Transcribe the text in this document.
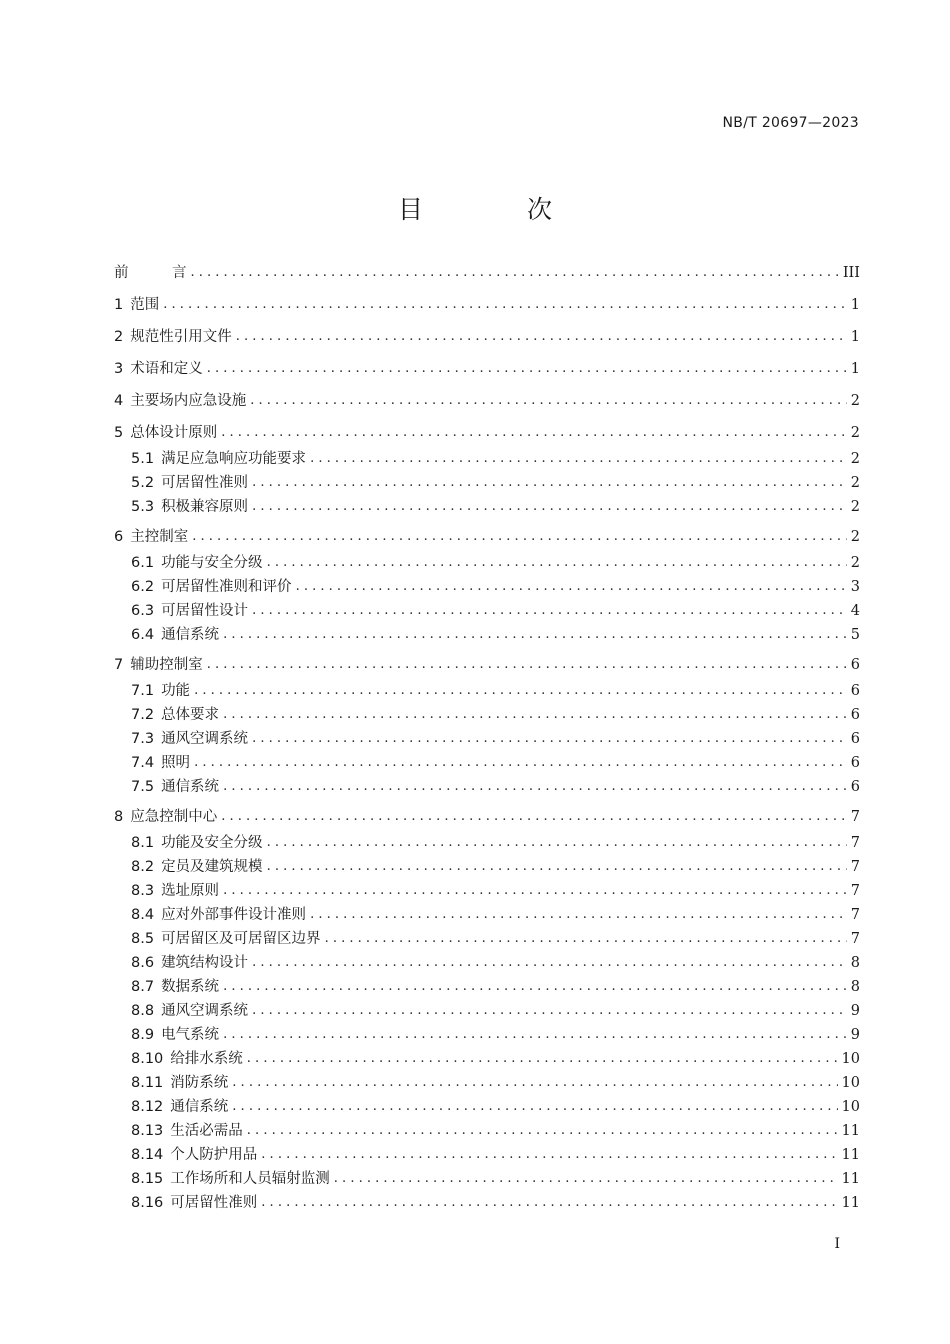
NB/T 20697—2023
目 次
前　　　言 . . .	III
1 范围 . . .	1
2 规范性引用文件 . . .	1
3 术语和定义 . . .	1
4 主要场内应急设施 . . .	2
5 总体设计原则 . . .	2
5.1 满足应急响应功能要求 . . .	2
5.2 可居留性准则 . . .	2
5.3 积极兼容原则 . . .	2
6 主控制室 . . .	2
6.1 功能与安全分级 . . .	2
6.2 可居留性准则和评价 . . .	3
6.3 可居留性设计 . . .	4
6.4 通信系统 . . .	5
7 辅助控制室 . . .	6
7.1 功能 . . .	6
7.2 总体要求 . . .	6
7.3 通风空调系统 . . .	6
7.4 照明 . . .	6
7.5 通信系统 . . .	6
8 应急控制中心 . . .	7
8.1 功能及安全分级 . . .	7
8.2 定员及建筑规模 . . .	7
8.3 选址原则 . . .	7
8.4 应对外部事件设计准则 . . .	7
8.5 可居留区及可居留区边界 . . .	7
8.6 建筑结构设计 . . .	8
8.7 数据系统 . . .	8
8.8 通风空调系统 . . .	9
8.9 电气系统 . . .	9
8.10 给排水系统 . . .	10
8.11 消防系统 . . .	10
8.12 通信系统 . . .	10
8.13 生活必需品 . . .	11
8.14 个人防护用品 . . .	11
8.15 工作场所和人员辐射监测 . . .	11
8.16 可居留性准则 . . .	11
I
